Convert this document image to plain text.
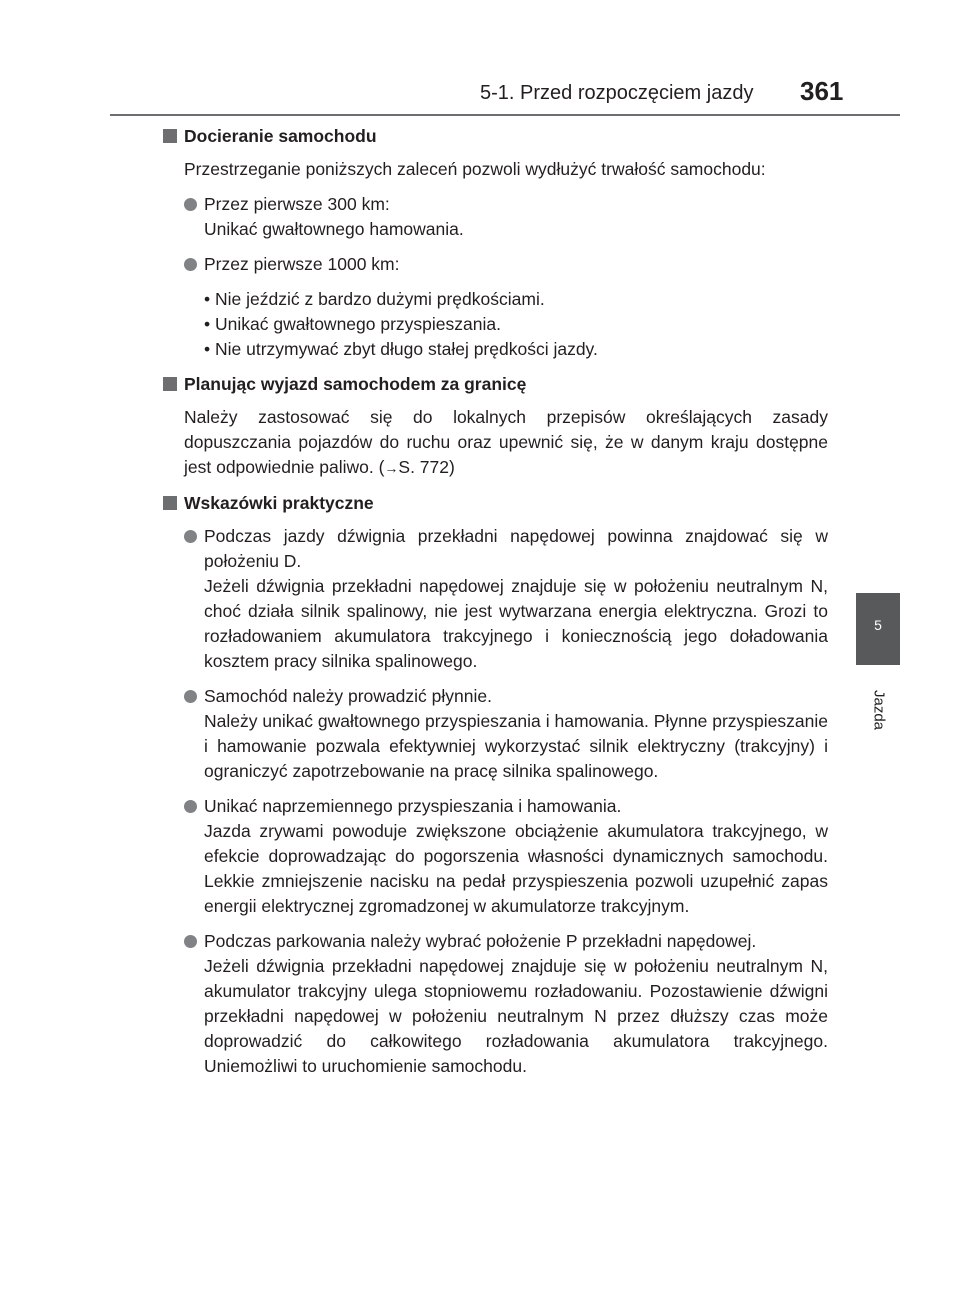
5-1. Przed rozpoczęciem jazdy 361
5
Jazda
Docieranie samochodu
Przestrzeganie poniższych zaleceń pozwoli wydłużyć trwałość samochodu:
Przez pierwsze 300 km:
Unikać gwałtownego hamowania.
Przez pierwsze 1000 km:
• Nie jeździć z bardzo dużymi prędkościami.
• Unikać gwałtownego przyspieszania.
• Nie utrzymywać zbyt długo stałej prędkości jazdy.
Planując wyjazd samochodem za granicę
Należy zastosować się do lokalnych przepisów określających zasady dopuszczania pojazdów do ruchu oraz upewnić się, że w danym kraju dostępne jest odpowiednie paliwo. (→S. 772)
Wskazówki praktyczne
Podczas jazdy dźwignia przekładni napędowej powinna znajdować się w położeniu D.
Jeżeli dźwignia przekładni napędowej znajduje się w położeniu neutralnym N, choć działa silnik spalinowy, nie jest wytwarzana energia elektryczna. Grozi to rozładowaniem akumulatora trakcyjnego i koniecznością jego doładowania kosztem pracy silnika spalinowego.
Samochód należy prowadzić płynnie.
Należy unikać gwałtownego przyspieszania i hamowania. Płynne przyspieszanie i hamowanie pozwala efektywniej wykorzystać silnik elektryczny (trakcyjny) i ograniczyć zapotrzebowanie na pracę silnika spalinowego.
Unikać naprzemiennego przyspieszania i hamowania.
Jazda zrywami powoduje zwiększone obciążenie akumulatora trakcyjnego, w efekcie doprowadzając do pogorszenia własności dynamicznych samochodu. Lekkie zmniejszenie nacisku na pedał przyspieszenia pozwoli uzupełnić zapas energii elektrycznej zgromadzonej w akumulatorze trakcyjnym.
Podczas parkowania należy wybrać położenie P przekładni napędowej.
Jeżeli dźwignia przekładni napędowej znajduje się w położeniu neutralnym N, akumulator trakcyjny ulega stopniowemu rozładowaniu. Pozostawienie dźwigni przekładni napędowej w położeniu neutralnym N przez dłuższy czas może doprowadzić do całkowitego rozładowania akumulatora trakcyjnego. Uniemożliwi to uruchomienie samochodu.
